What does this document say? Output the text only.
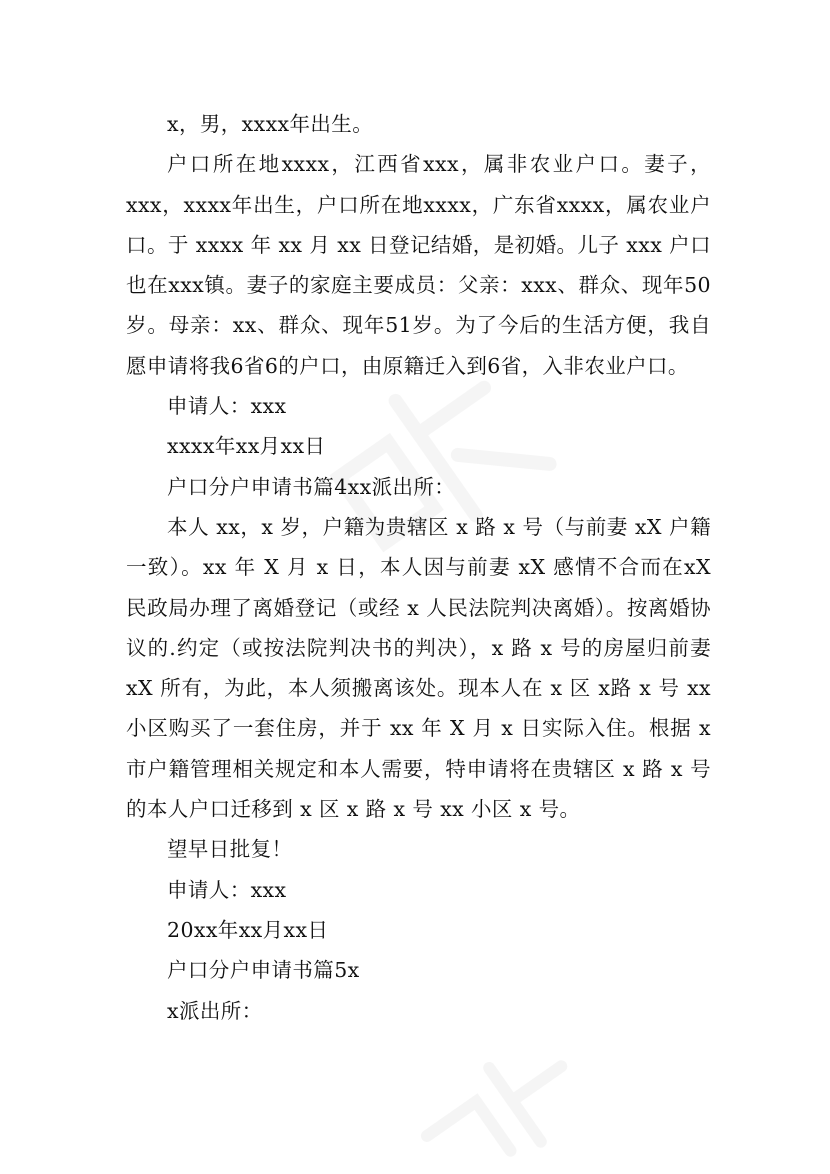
x，男，xxxx年出生。

户口所在地xxxx，江西省xxx，属非农业户口。妻子，xxx，xxxx年出生，户口所在地xxxx，广东省xxxx，属农业户口。于 xxxx 年 xx 月 xx 日登记结婚，是初婚。儿子 xxx 户口也在xxx镇。妻子的家庭主要成员：父亲：xxx、群众、现年50岁。母亲：xx、群众、现年51岁。为了今后的生活方便，我自愿申请将我6省6的户口，由原籍迁入到6省，入非农业户口。

申请人：xxx

xxxx年xx月xx日

户口分户申请书篇4xx派出所：

本人 xx，x 岁，户籍为贵辖区 x 路 x 号（与前妻 xX 户籍一致）。xx 年 X 月 x 日，本人因与前妻 xX 感情不合而在xX 民政局办理了离婚登记（或经 x 人民法院判决离婚）。按离婚协议的.约定（或按法院判决书的判决），x 路 x 号的房屋归前妻 xX 所有，为此，本人须搬离该处。现本人在 x 区 x路 x 号 xx 小区购买了一套住房，并于 xx 年 X 月 x 日实际入住。根据 x 市户籍管理相关规定和本人需要，特申请将在贵辖区 x 路 x 号的本人户口迁移到 x 区 x 路 x 号 xx 小区 x 号。

望早日批复！

申请人：xxx

20xx年xx月xx日

户口分户申请书篇5x

x派出所：
